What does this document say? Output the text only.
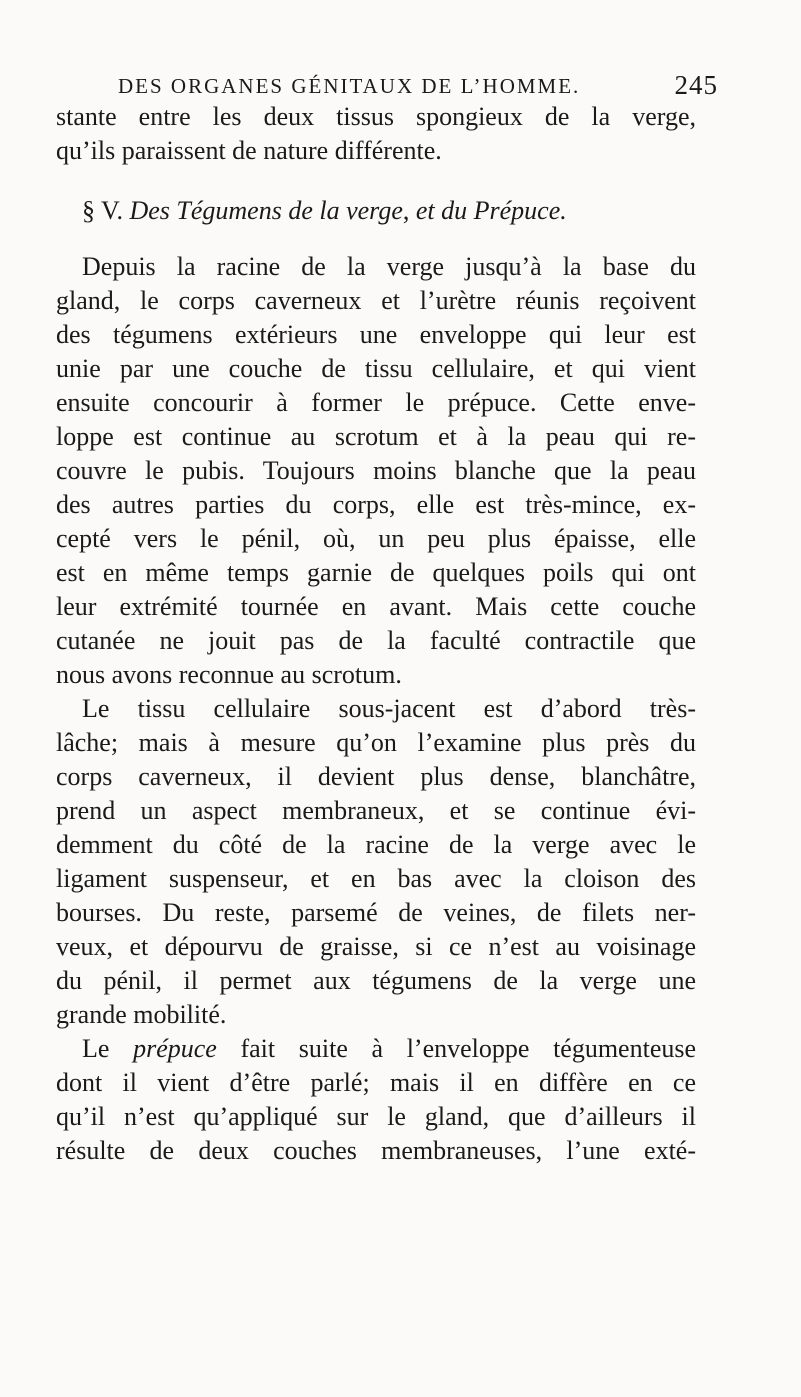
DES ORGANES GÉNITAUX DE L’HOMME.	245
stante entre les deux tissus spongieux de la verge,
qu’ils paraissent de nature différente.
§ V. Des Tégumens de la verge, et du Prépuce.
Depuis la racine de la verge jusqu’à la base du
gland, le corps caverneux et l’urètre réunis reçoivent
des tégumens extérieurs une enveloppe qui leur est
unie par une couche de tissu cellulaire, et qui vient
ensuite concourir à former le prépuce. Cette enve-
loppe est continue au scrotum et à la peau qui re-
couvre le pubis. Toujours moins blanche que la peau
des autres parties du corps, elle est très-mince, ex-
cepté vers le pénil, où, un peu plus épaisse, elle
est en même temps garnie de quelques poils qui ont
leur extrémité tournée en avant. Mais cette couche
cutanée ne jouit pas de la faculté contractile que
nous avons reconnue au scrotum.
Le tissu cellulaire sous-jacent est d’abord très-
lâche; mais à mesure qu’on l’examine plus près du
corps caverneux, il devient plus dense, blanchâtre,
prend un aspect membraneux, et se continue évi-
demment du côté de la racine de la verge avec le
ligament suspenseur, et en bas avec la cloison des
bourses. Du reste, parsemé de veines, de filets ner-
veux, et dépourvu de graisse, si ce n’est au voisinage
du pénil, il permet aux tégumens de la verge une
grande mobilité.
Le prépuce fait suite à l’enveloppe tégumenteuse
dont il vient d’être parlé; mais il en diffère en ce
qu’il n’est qu’appliqué sur le gland, que d’ailleurs il
résulte de deux couches membraneuses, l’une exté-
